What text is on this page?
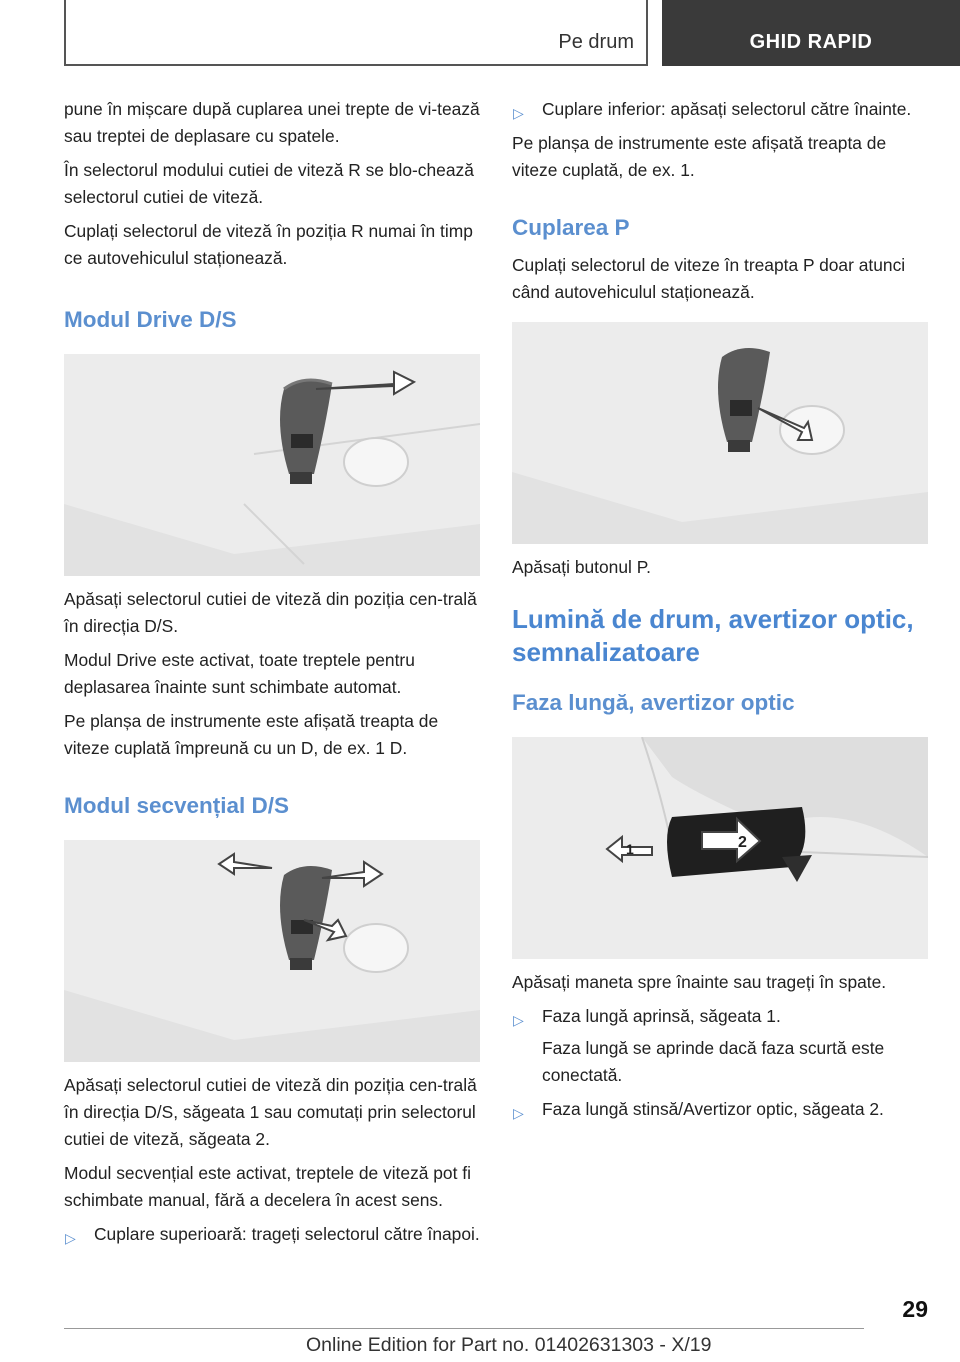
Pe drum	GHID RAPID

pune în mișcare după cuplarea unei trepte de vi-tează sau treptei de deplasare cu spatele.

În selectorul modului cutiei de viteză R se blo-chează selectorul cutiei de viteză.

Cuplați selectorul de viteză în poziția R numai în timp ce autovehiculul staționează.

Modul Drive D/S

Apăsați selectorul cutiei de viteză din poziția cen-trală în direcția D/S.

Modul Drive este activat, toate treptele pentru deplasarea înainte sunt schimbate automat.

Pe planșa de instrumente este afișată treapta de viteze cuplată împreună cu un D, de ex. 1 D.

Modul secvențial D/S

Apăsați selectorul cutiei de viteză din poziția cen-trală în direcția D/S, săgeata 1 sau comutați prin selectorul cutiei de viteză, săgeata 2.

Modul secvențial este activat, treptele de viteză pot fi schimbate manual, fără a decelera în acest sens.

▷ Cuplare superioară: trageți selectorul către înapoi.
▷ Cuplare inferior: apăsați selectorul către înainte.

Pe planșa de instrumente este afișată treapta de viteze cuplată, de ex. 1.

Cuplarea P

Cuplați selectorul de viteze în treapta P doar atunci când autovehiculul staționează.

Apăsați butonul P.

Lumină de drum, avertizor optic,
semnalizatoare
Faza lungă, avertizor optic
1	2

Apăsați maneta spre înainte sau trageți în spate.

▷ Faza lungă aprinsă, săgeata 1.
Faza lungă se aprinde dacă faza scurtă este conectată.
▷ Faza lungă stinsă/Avertizor optic, săgeata 2.
29
Online Edition for Part no. 01402631303 - X/19
